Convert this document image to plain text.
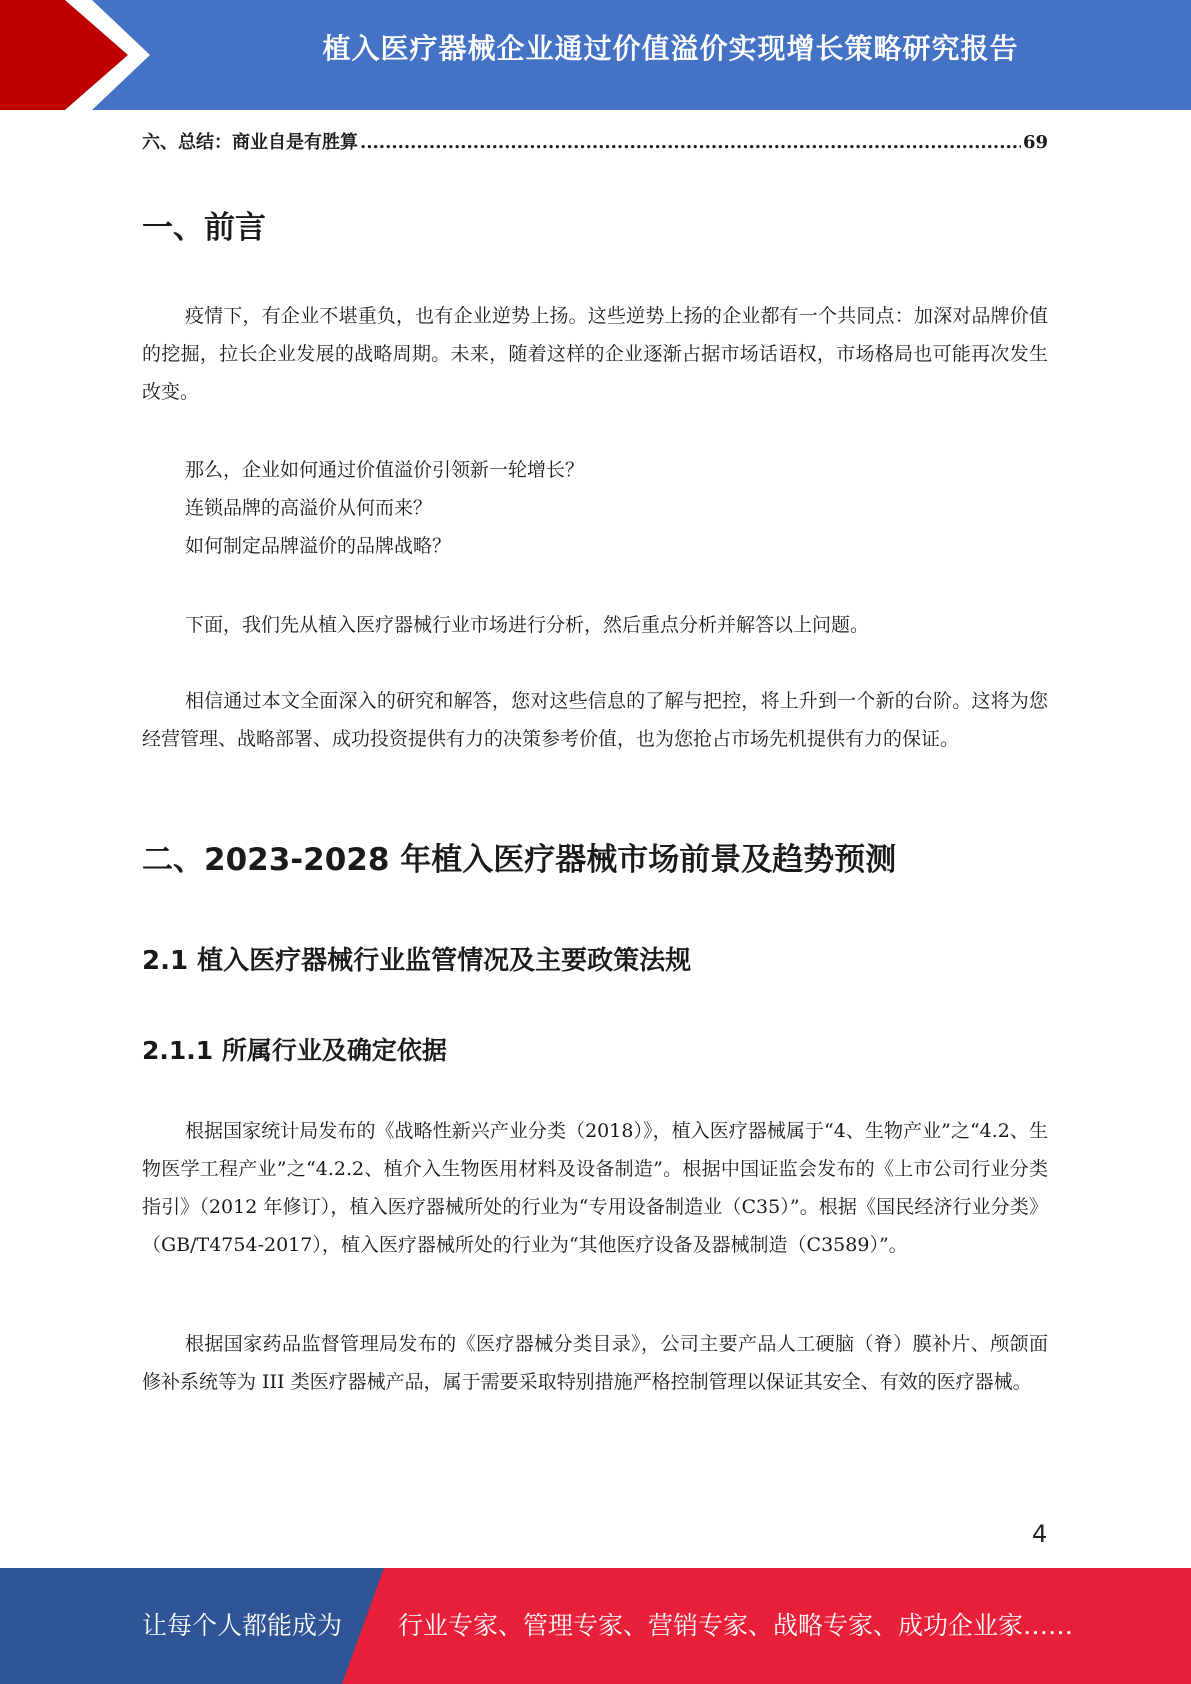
植入医疗器械企业通过价值溢价实现增长策略研究报告
六、总结：商业自是有胜算
.....	69
一、前言

疫情下，有企业不堪重负，也有企业逆势上扬。这些逆势上扬的企业都有一个共同点：加深对品牌价值的挖掘，拉长企业发展的战略周期。未来，随着这样的企业逐渐占据市场话语权，市场格局也可能再次发生改变。

那么，企业如何通过价值溢价引领新一轮增长？
连锁品牌的高溢价从何而来？
如何制定品牌溢价的品牌战略？

下面，我们先从植入医疗器械行业市场进行分析，然后重点分析并解答以上问题。

相信通过本文全面深入的研究和解答，您对这些信息的了解与把控，将上升到一个新的台阶。这将为您经营管理、战略部署、成功投资提供有力的决策参考价值，也为您抢占市场先机提供有力的保证。

二、2023-2028 年植入医疗器械市场前景及趋势预测
2.1 植入医疗器械行业监管情况及主要政策法规
2.1.1 所属行业及确定依据

根据国家统计局发布的《战略性新兴产业分类（2018）》，植入医疗器械属于“4、生物产业”之“4.2、生物医学工程产业”之“4.2.2、植介入生物医用材料及设备制造”。根据中国证监会发布的《上市公司行业分类指引》（2012 年修订），植入医疗器械所处的行业为“专用设备制造业（C35）”。根据《国民经济行业分类》（GB/T4754-2017），植入医疗器械所处的行业为“其他医疗设备及器械制造（C3589）”。

根据国家药品监督管理局发布的《医疗器械分类目录》，公司主要产品人工硬脑（脊）膜补片、颅颌面修补系统等为 III 类医疗器械产品，属于需要采取特别措施严格控制管理以保证其安全、有效的医疗器械。

4
让每个人都能成为 行业专家、管理专家、营销专家、战略专家、成功企业家……
